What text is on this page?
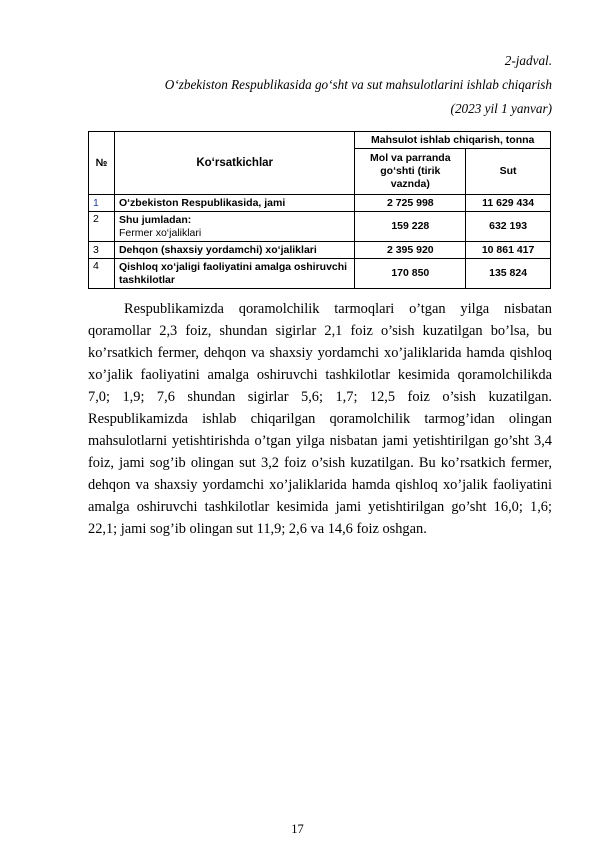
2-jadval.
O‘zbekiston Respublikasida go‘sht va sut mahsulotlarini ishlab chiqarish
(2023 yil 1 yanvar)
№	Ko‘rsatkichlar	Mahsulot ishlab chiqarish, tonna	
		Mol va parranda go‘shti (tirik vaznda)	Sut
1	O‘zbekiston Respublikasida, jami	2 725 998	11 629 434
2	Shu jumladan:
Fermer xo‘jaliklari	159 228	632 193
3	Dehqon (shaxsiy yordamchi) xo‘jaliklari	2 395 920	10 861 417
4	Qishloq xo‘jaligi faoliyatini amalga oshiruvchi tashkilotlar	170 850	135 824

Respublikamizda qoramolchilik tarmoqlari o’tgan yilga nisbatan qoramollar 2,3 foiz, shundan sigirlar 2,1 foiz o’sish kuzatilgan bo’lsa, bu ko’rsatkich fermer, dehqon va shaxsiy yordamchi xo’jaliklarida hamda qishloq xo’jalik faoliyatini amalga oshiruvchi tashkilotlar kesimida qoramolchilikda 7,0; 1,9; 7,6 shundan sigirlar 5,6; 1,7; 12,5 foiz o’sish kuzatilgan. Respublikamizda ishlab chiqarilgan qoramolchilik tarmog’idan olingan mahsulotlarni yetishtirishda o’tgan yilga nisbatan jami yetishtirilgan go’sht 3,4 foiz, jami sog’ib olingan sut 3,2 foiz o’sish kuzatilgan. Bu ko’rsatkich fermer, dehqon va shaxsiy yordamchi xo’jaliklarida hamda qishloq xo’jalik faoliyatini amalga oshiruvchi tashkilotlar kesimida jami yetishtirilgan go’sht 16,0; 1,6; 22,1; jami sog’ib olingan sut 11,9; 2,6 va 14,6 foiz oshgan.

17
